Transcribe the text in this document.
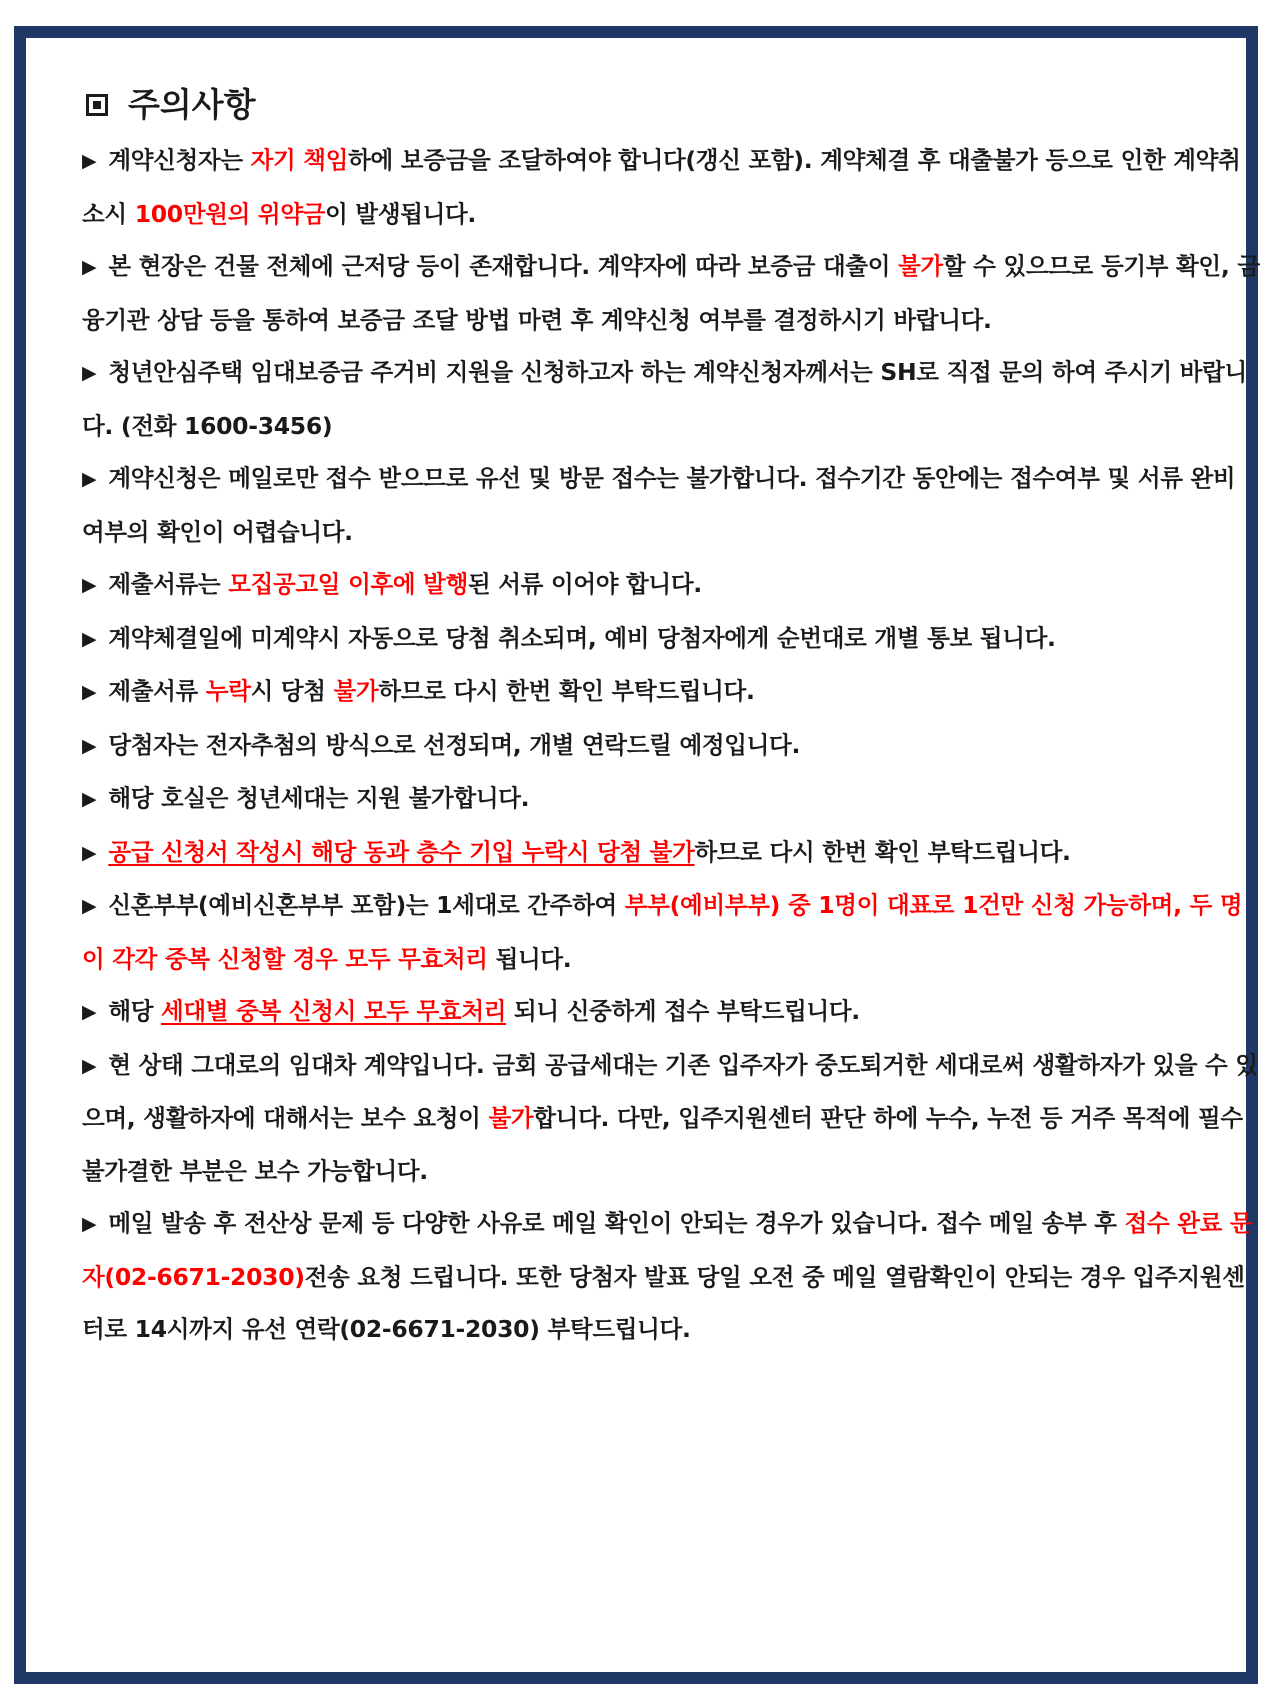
주의사항

▶ 계약신청자는 자기 책임하에 보증금을 조달하여야 합니다(갱신 포함). 계약체결 후 대출불가 등으로 인한 계약취소시 100만원의 위약금이 발생됩니다.

▶ 본 현장은 건물 전체에 근저당 등이 존재합니다. 계약자에 따라 보증금 대출이 불가할 수 있으므로 등기부 확인, 금융기관 상담 등을 통하여 보증금 조달 방법 마련 후 계약신청 여부를 결정하시기 바랍니다.

▶ 청년안심주택 임대보증금 주거비 지원을 신청하고자 하는 계약신청자께서는 SH로 직접 문의 하여 주시기 바랍니다. (전화 1600-3456)

▶ 계약신청은 메일로만 접수 받으므로 유선 및 방문 접수는 불가합니다. 접수기간 동안에는 접수여부 및 서류 완비 여부의 확인이 어렵습니다.

▶ 제출서류는 모집공고일 이후에 발행된 서류 이어야 합니다.

▶ 계약체결일에 미계약시 자동으로 당첨 취소되며, 예비 당첨자에게 순번대로 개별 통보 됩니다.

▶ 제출서류 누락시 당첨 불가하므로 다시 한번 확인 부탁드립니다.

▶ 당첨자는 전자추첨의 방식으로 선정되며, 개별 연락드릴 예정입니다.

▶ 해당 호실은 청년세대는 지원 불가합니다.

▶ 공급 신청서 작성시 해당 동과 층수 기입 누락시 당첨 불가하므로 다시 한번 확인 부탁드립니다.

▶ 신혼부부(예비신혼부부 포함)는 1세대로 간주하여 부부(예비부부) 중 1명이 대표로 1건만 신청 가능하며, 두 명이 각각 중복 신청할 경우 모두 무효처리 됩니다.

▶ 해당 세대별 중복 신청시 모두 무효처리 되니 신중하게 접수 부탁드립니다.

▶ 현 상태 그대로의 임대차 계약입니다. 금회 공급세대는 기존 입주자가 중도퇴거한 세대로써 생활하자가 있을 수 있으며, 생활하자에 대해서는 보수 요청이 불가합니다. 다만, 입주지원센터 판단 하에 누수, 누전 등 거주 목적에 필수 불가결한 부분은 보수 가능합니다.

▶ 메일 발송 후 전산상 문제 등 다양한 사유로 메일 확인이 안되는 경우가 있습니다. 접수 메일 송부 후 접수 완료 문자(02-6671-2030)전송 요청 드립니다. 또한 당첨자 발표 당일 오전 중 메일 열람확인이 안되는 경우 입주지원센터로 14시까지 유선 연락(02-6671-2030) 부탁드립니다.
